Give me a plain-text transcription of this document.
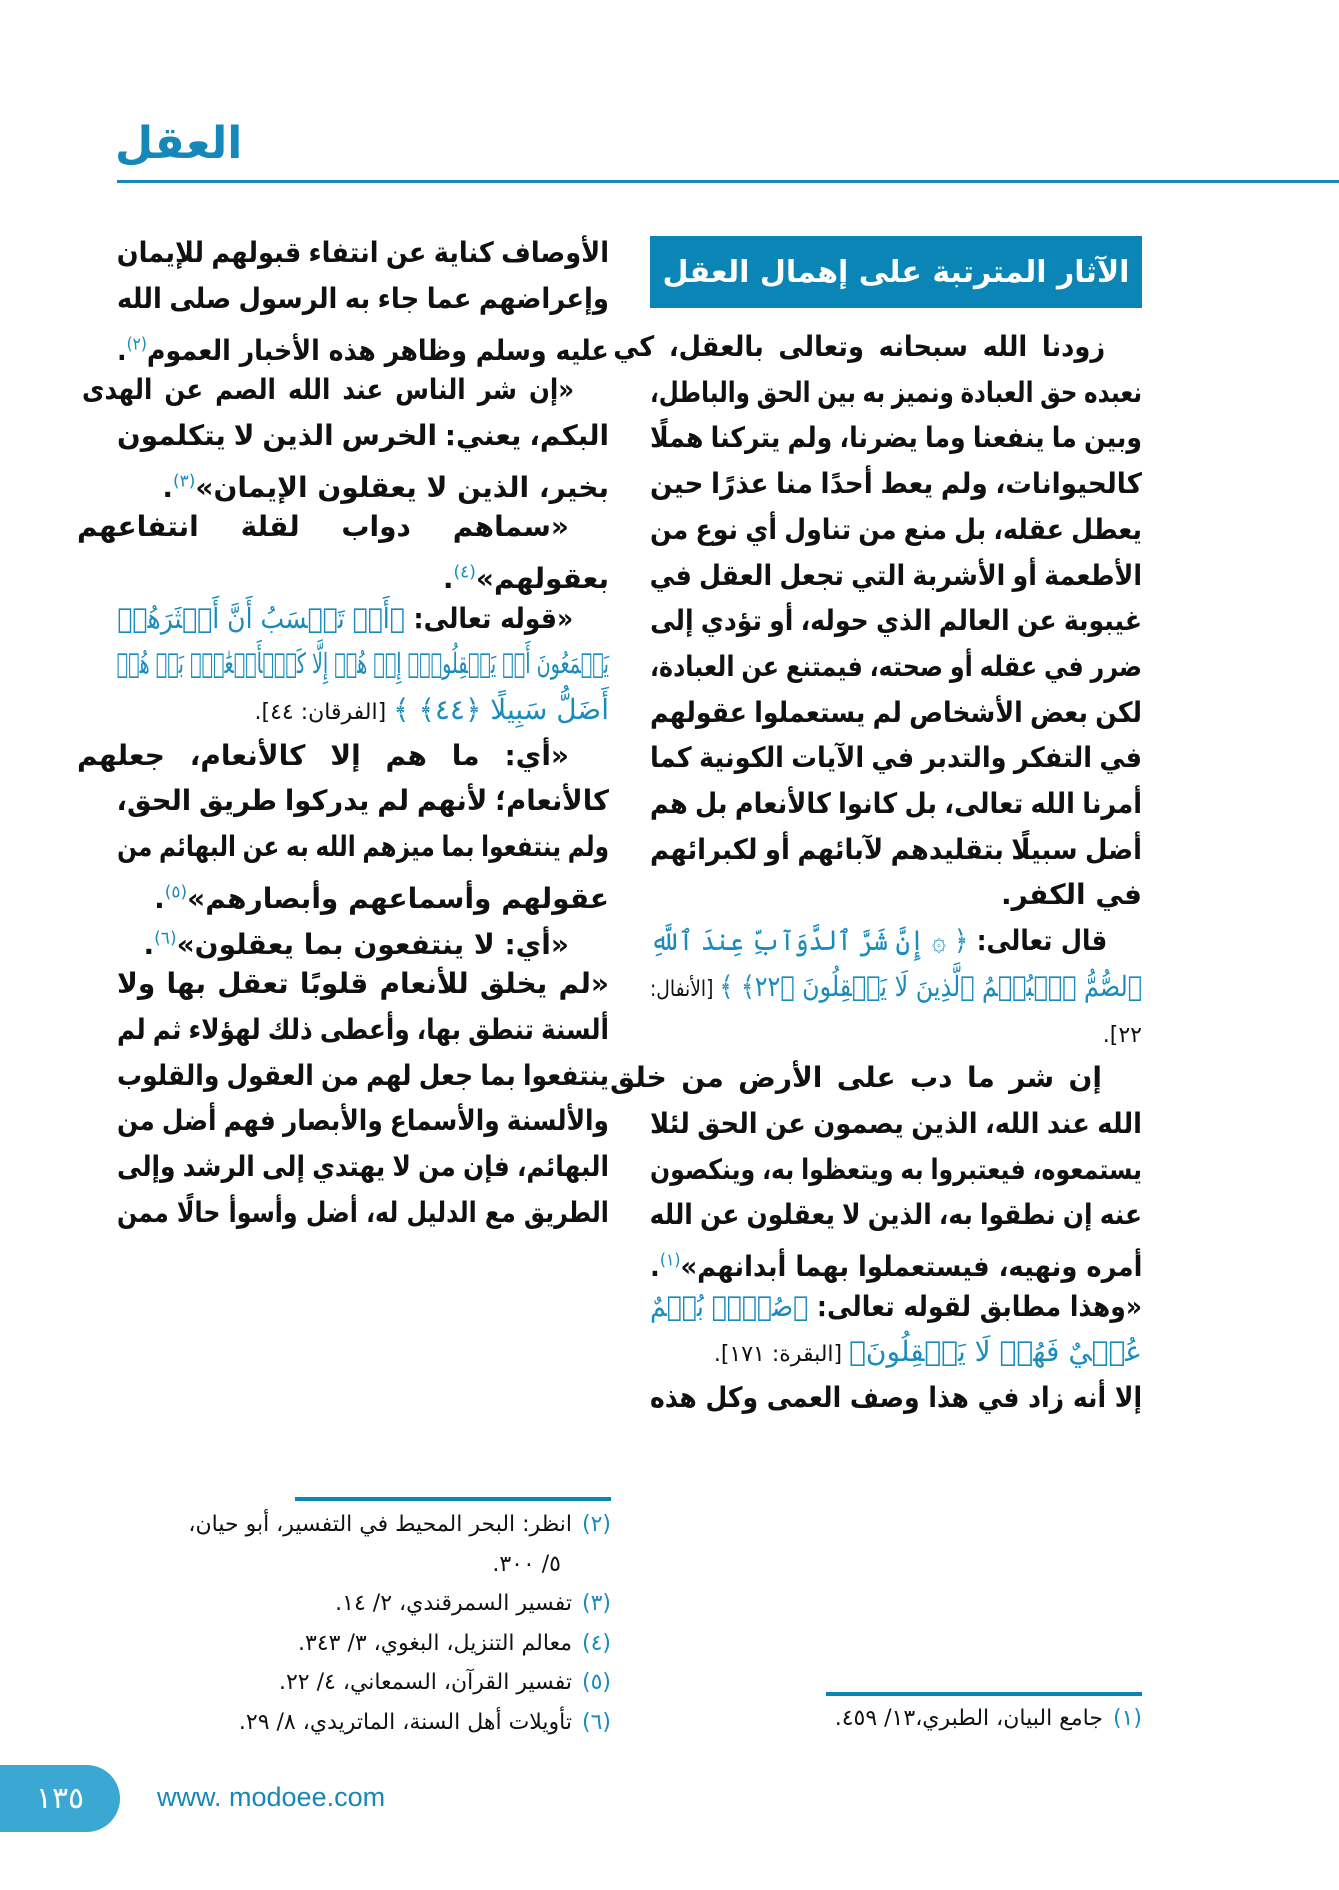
العقل
الآثار المترتبة على إهمال العقل
زودنا
الله
سبحانه
وتعالى
بالعقل،
كي
نعبده
حق
العبادة
ونميز
به
بين
الحق
والباطل،
وبين
ما
ينفعنا
وما
يضرنا،
ولم
يتركنا
هملًا
كالحيوانات،
ولم
يعط
أحدًا
منا
عذرًا
حين
يعطل
عقله،
بل
منع
من
تناول
أي
نوع
من
الأطعمة
أو
الأشربة
التي
تجعل
العقل
في
غيبوبة
عن
العالم
الذي
حوله،
أو
تؤدي
إلى
ضرر
في
عقله
أو
صحته،
فيمتنع
عن
العبادة،
لكن
بعض
الأشخاص
لم
يستعملوا
عقولهم
في
التفكر
والتدبر
في
الآيات
الكونية
كما
أمرنا
الله
تعالى،
بل
كانوا
كالأنعام
بل
هم
أضل
سبيلًا
بتقليدهم
لآبائهم
أو
لكبرائهم
في الكفر.
قال تعالى: ﴿ ۞ إِنَّ شَرَّ ٱلدَّوَآبِّ عِندَ ٱللَّهِ
ٱلصُّمُّ ٱلۡبُكۡمُ ٱلَّذِينَ لَا يَعۡقِلُونَ ﴿٢٢﴾ ﴾ [الأنفال:
٢٢].
إن
شر
ما
دب
على
الأرض
من
خلق
الله
عند
الله،
الذين
يصمون
عن
الحق
لئلا
يستمعوه،
فيعتبروا
به
ويتعظوا
به،
وينكصون
عنه
إن
نطقوا
به،
الذين
لا
يعقلون
عن
الله
أمره ونهيه، فيستعملوا بهما أبدانهم»$^{(١)}$.
«وهذا مطابق لقوله تعالى: ﴿صُمُّۢ بُكۡمٌ
عُمۡيٌ فَهُمۡ لَا يَعۡقِلُونَ﴾ [البقرة: ١٧١].
إلا أنه زاد في هذا وصف العمى وكل هذه
الأوصاف
كناية
عن
انتفاء
قبولهم
للإيمان
وإعراضهم
عما
جاء
به
الرسول
صلى
الله
عليه وسلم وظاهر هذه الأخبار العموم$^{(٢)}$.
«إن
شر
الناس
عند
الله
الصم
عن
الهدى
البكم،
يعني:
الخرس
الذين
لا
يتكلمون
بخير، الذين لا يعقلون الإيمان»$^{(٣)}$.
«سماهم
دواب
لقلة
انتفاعهم
بعقولهم»$^{(٤)}$.
«قوله تعالى: ﴿أَمۡ تَحۡسَبُ أَنَّ أَكۡثَرَهُمۡ
يَسۡمَعُونَ أَوۡ يَعۡقِلُونَۚ إِنۡ هُمۡ إِلَّا كَٱلۡأَنۡعَٰمِۖ بَلۡ هُمۡ
أَضَلُّ سَبِيلًا ﴿٤٤﴾ ﴾ [الفرقان: ٤٤].
«أي:
ما
هم
إلا
كالأنعام،
جعلهم
كالأنعام؛
لأنهم
لم
يدركوا
طريق
الحق،
ولم
ينتفعوا
بما
ميزهم
الله
به
عن
البهائم
من
عقولهم وأسماعهم وأبصارهم»$^{(٥)}$.
«أي: لا ينتفعون بما يعقلون»$^{(٦)}$.
«لم
يخلق
للأنعام
قلوبًا
تعقل
بها
ولا
ألسنة
تنطق
بها،
وأعطى
ذلك
لهؤلاء
ثم
لم
ينتفعوا
بما
جعل
لهم
من
العقول
والقلوب
والألسنة
والأسماع
والأبصار
فهم
أضل
من
البهائم،
فإن
من
لا
يهتدي
إلى
الرشد
وإلى
الطريق مع الدليل له، أضل وأسوأ حالًا ممن
(٢)انظر: البحر المحيط في التفسير، أبو حيان،
٥/ ٣٠٠.
(٣)تفسير السمرقندي، ٢/ ١٤.
(٤)معالم التنزيل، البغوي، ٣/ ٣٤٣.
(٥)تفسير القرآن، السمعاني، ٤/ ٢٢.
(٦)تأويلات أهل السنة، الماتريدي، ٨/ ٢٩.	(١)جامع البيان، الطبري،١٣/ ٤٥٩.
١٣٥	www. modoee.com
